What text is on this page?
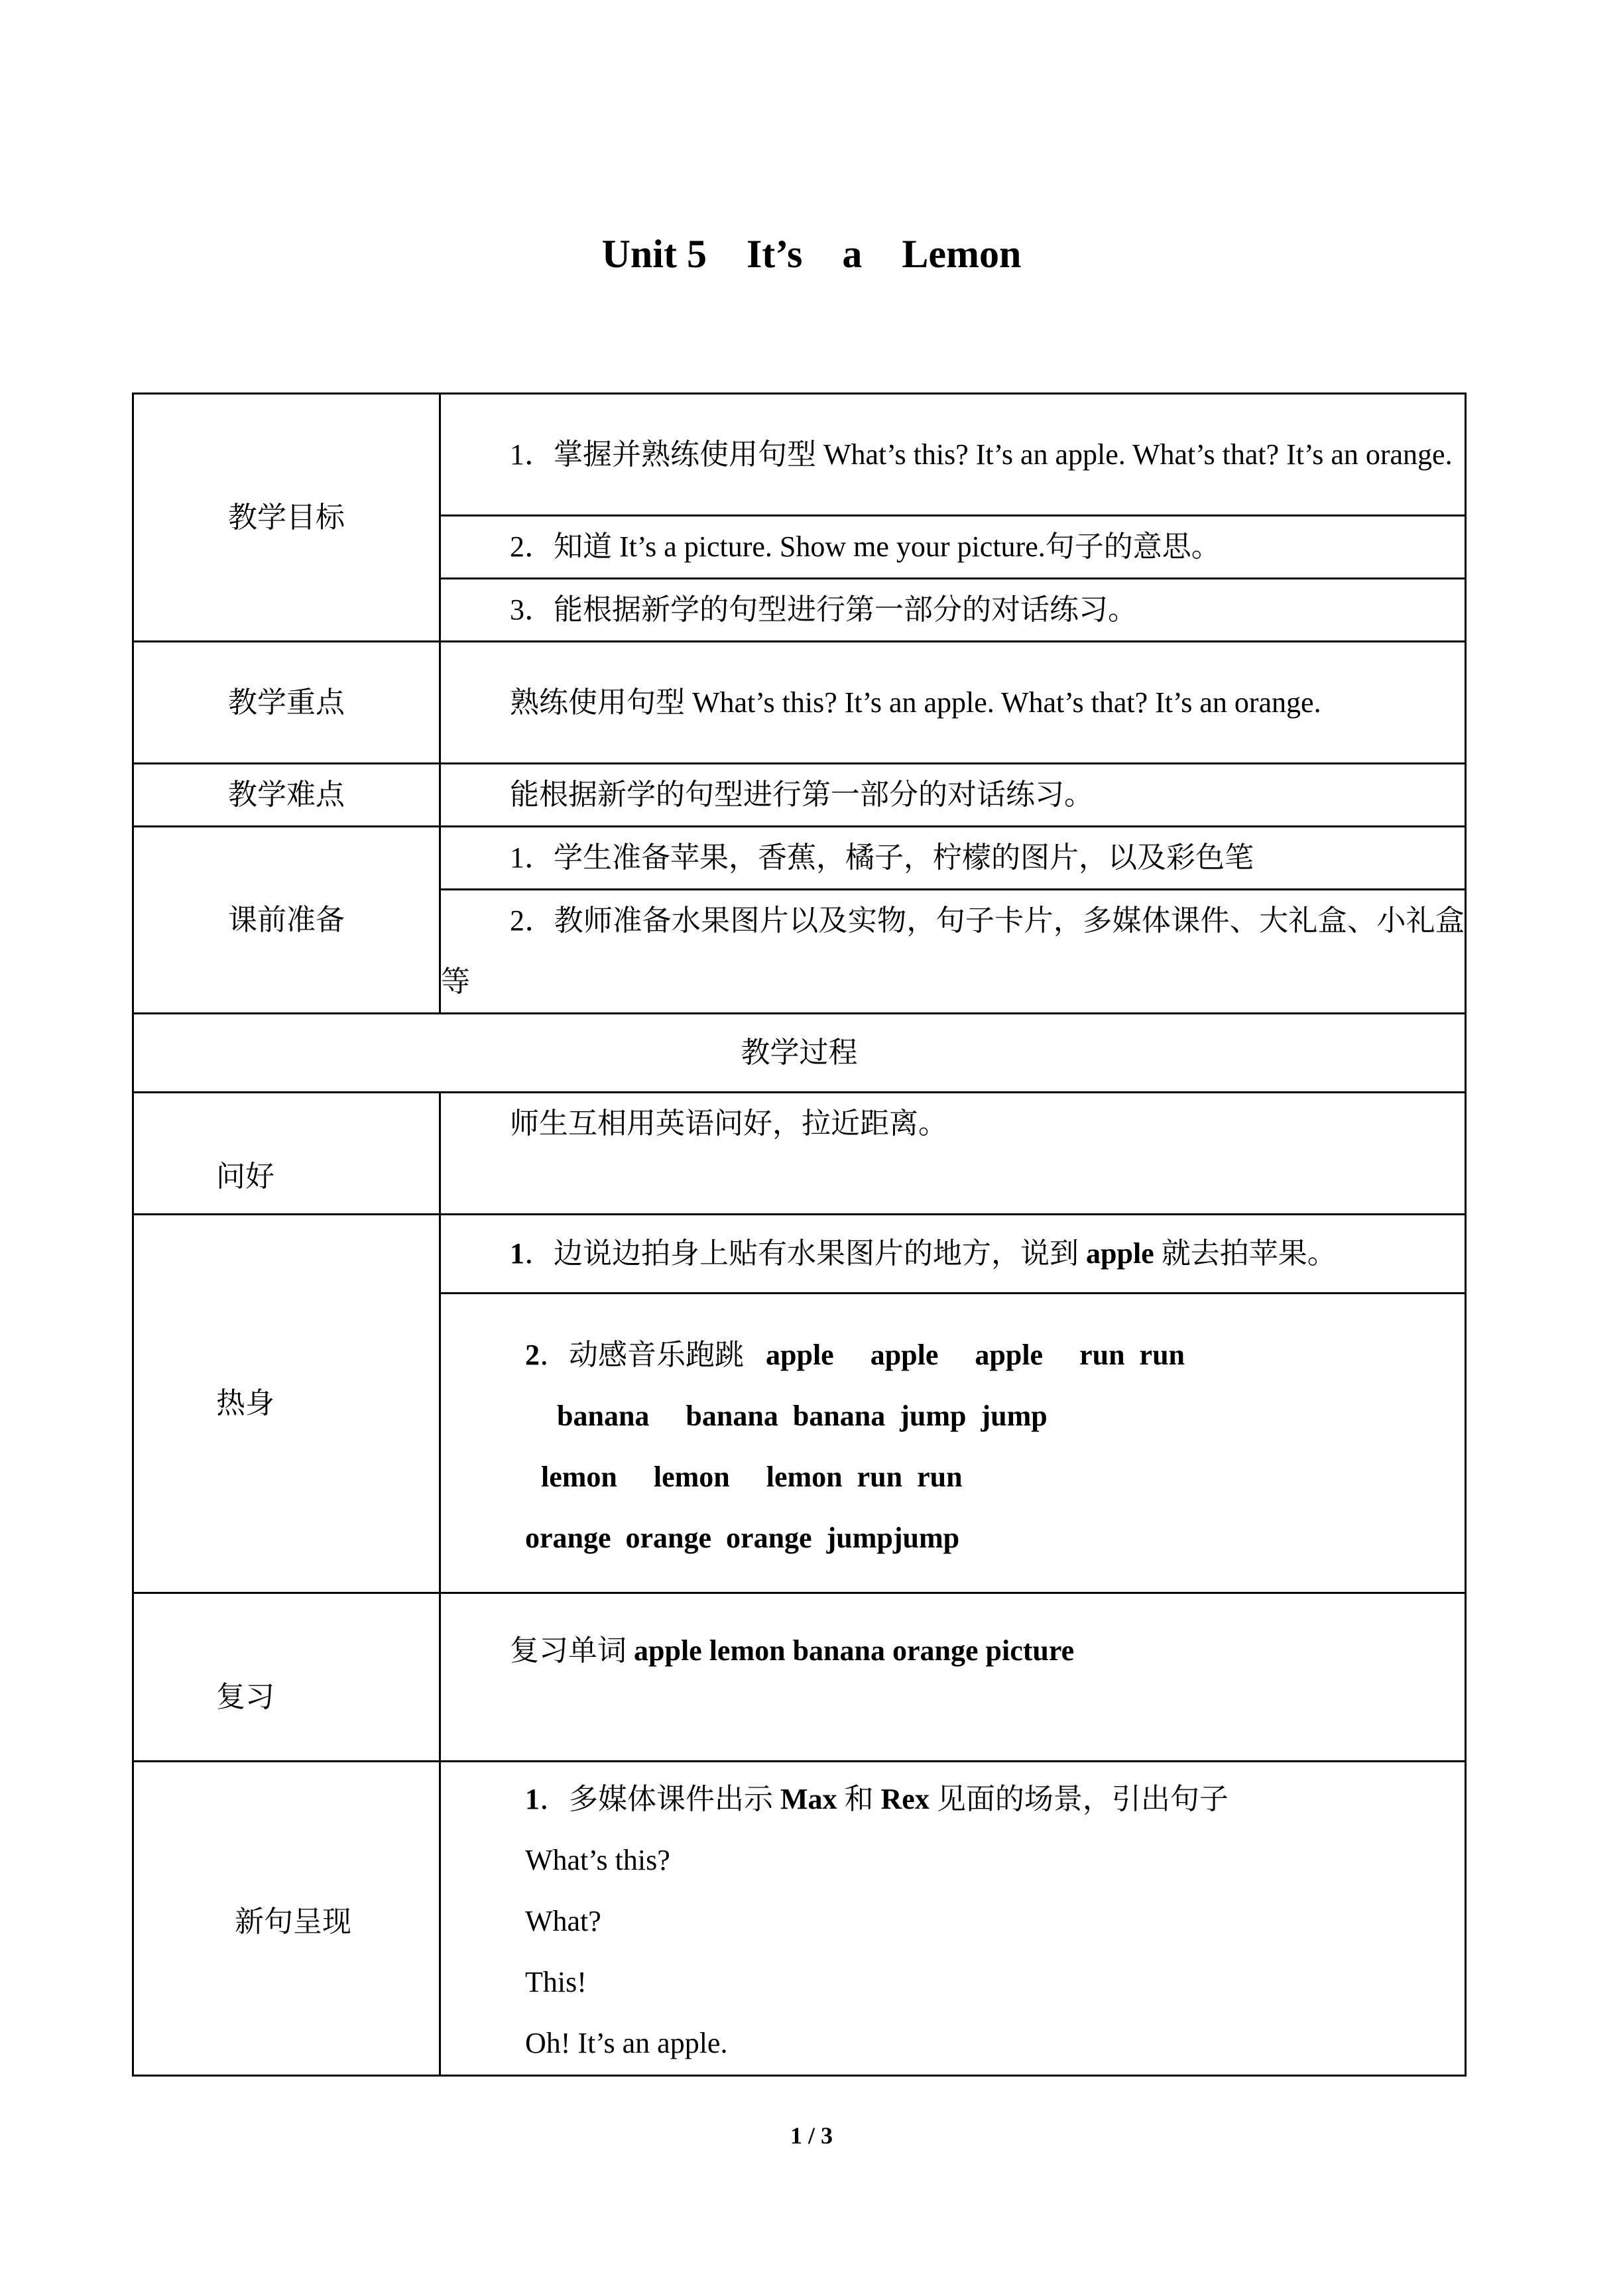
Unit 5    It’s    a    Lemon
教学目标	1．掌握并熟练使用句型 What’s this? It’s an apple. What’s that? It’s an orange.
	2．知道 It’s a picture. Show me your picture.句子的意思。
	3．能根据新学的句型进行第一部分的对话练习。
教学重点	熟练使用句型 What’s this? It’s an apple. What’s that? It’s an orange.
教学难点	能根据新学的句型进行第一部分的对话练习。
课前准备	1．学生准备苹果，香蕉，橘子，柠檬的图片，以及彩色笔
	2．教师准备水果图片以及实物，句子卡片，多媒体课件、大礼盒、小礼盒等
教学过程	
问好	师生互相用英语问好，拉近距离。
热身	1．边说边拍身上贴有水果图片的地方，说到 apple 就去拍苹果。

	2．动感音乐跑跳   apple     apple     apple     run  run
banana     banana  banana  jump  jump
lemon     lemon     lemon  run  run
orange  orange  orange  jumpjump

复习	复习单词 apple lemon banana orange picture
新句呈现	1．多媒体课件出示 Max 和 Rex 见面的场景，引出句子
What’s this?
What?
This!
Oh! It’s an apple.
1 / 3
